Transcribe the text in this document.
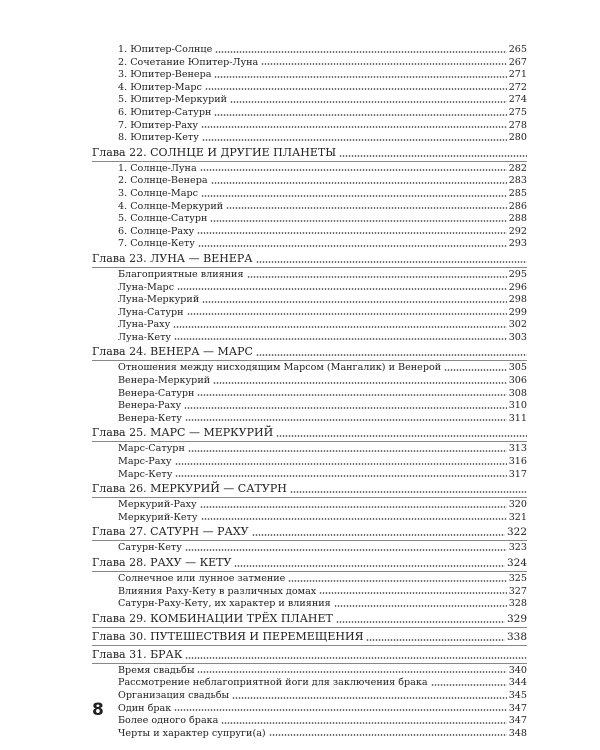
1. Юпитер-Солнце	265
2. Сочетание Юпитер-Луна	267
3. Юпитер-Венера	271
4. Юпитер-Марс	272
5. Юпитер-Меркурий	274
6. Юпитер-Сатурн	275
7. Юпитер-Раху	278
8. Юпитер-Кету	280
Глава 22. СОЛНЦЕ И ДРУГИЕ ПЛАНЕТЫ
1. Солнце-Луна	282
2. Солнце-Венера	283
3. Солнце-Марс	285
4. Солнце-Меркурий	286
5. Солнце-Сатурн	288
6. Солнце-Раху	292
7. Солнце-Кету	293
Глава 23. ЛУНА — ВЕНЕРА
Благоприятные влияния	295
Луна-Марс	296
Луна-Меркурий	298
Луна-Сатурн	299
Луна-Раху	302
Луна-Кету	303
Глава 24. ВЕНЕРА — МАРС
Отношения между нисходящим Марсом (Мангалик) и Венерой	305
Венера-Меркурий	306
Венера-Сатурн	308
Венера-Раху	310
Венера-Кету	311
Глава 25. МАРС — МЕРКУРИЙ
Марс-Сатурн	313
Марс-Раху	316
Марс-Кету	317
Глава 26. МЕРКУРИЙ — САТУРН
Меркурий-Раху	320
Меркурий-Кету	321
Глава 27. САТУРН — РАХУ	322
Сатурн-Кету	323
Глава 28. РАХУ — КЕТУ	324
Солнечное или лунное затмение	325
Влияния Раху-Кету в различных домах	327
Сатурн-Раху-Кету, их характер и влияния	328
Глава 29. КОМБИНАЦИИ ТРЁХ ПЛАНЕТ	329
Глава 30. ПУТЕШЕСТВИЯ И ПЕРЕМЕЩЕНИЯ	338
Глава 31. БРАК
Время свадьбы	340
Рассмотрение неблагоприятной йоги для заключения брака	344
Организация свадьбы	345
Один брак	347
Более одного брака	347
Черты и характер супруги(а)	348
8
